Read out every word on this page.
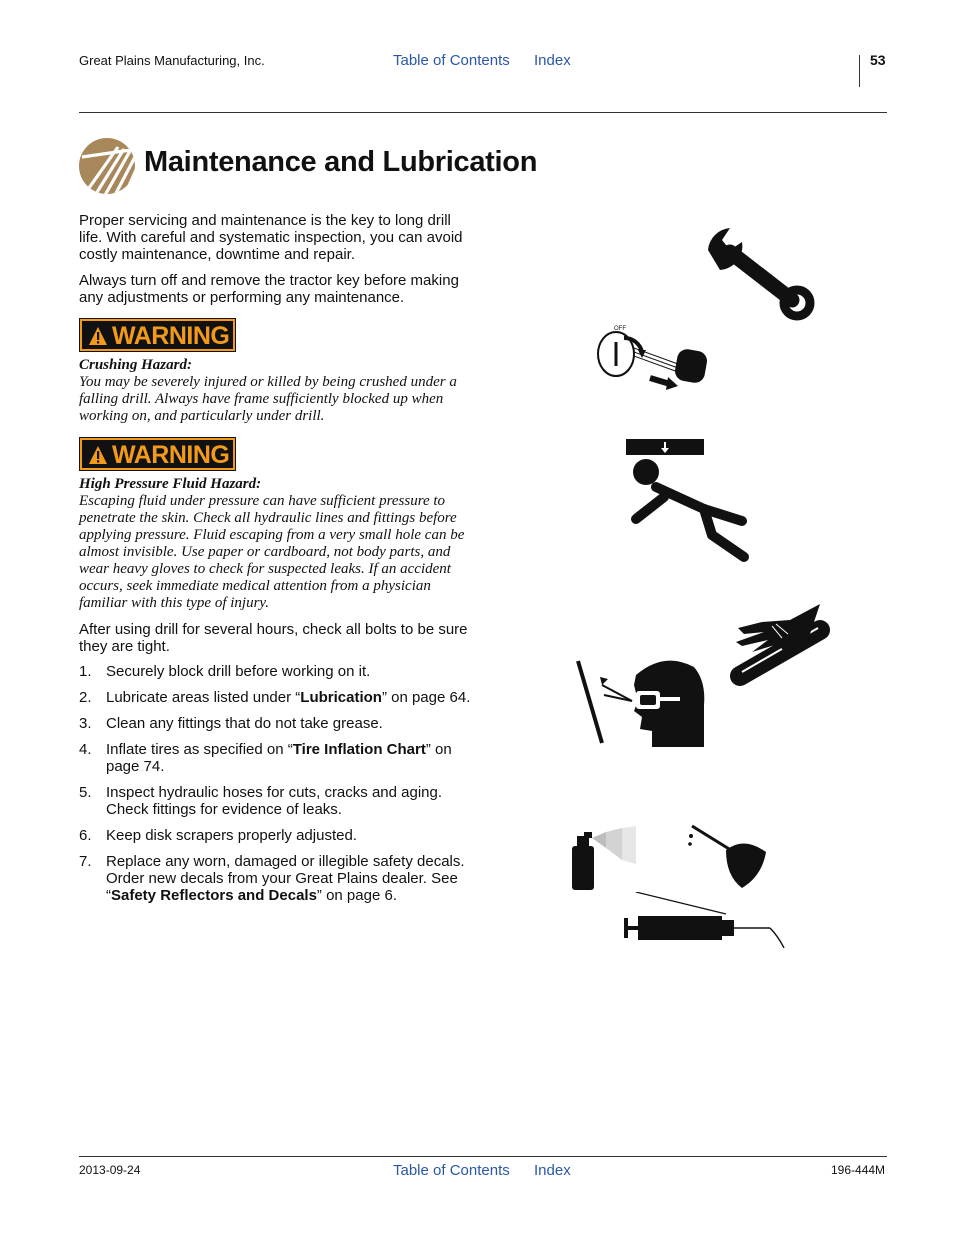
Great Plains Manufacturing, Inc.	Table of Contents Index	53
Maintenance and Lubrication
Proper servicing and maintenance is the key to long drill life. With careful and systematic inspection, you can avoid costly maintenance, downtime and repair.
Always turn off and remove the tractor key before making any adjustments or performing any maintenance.
WARNING
Crushing Hazard:
You may be severely injured or killed by being crushed under a falling drill. Always have frame sufficiently blocked up when working on, and particularly under drill.
WARNING
High Pressure Fluid Hazard:
Escaping fluid under pressure can have sufficient pressure to penetrate the skin. Check all hydraulic lines and fittings before applying pressure. Fluid escaping from a very small hole can be almost invisible. Use paper or cardboard, not body parts, and wear heavy gloves to check for suspected leaks. If an accident occurs, seek immediate medical attention from a physician familiar with this type of injury.
After using drill for several hours, check all bolts to be sure they are tight.
1. Securely block drill before working on it.
2. Lubricate areas listed under “Lubrication” on page 64.
3. Clean any fittings that do not take grease.
4. Inflate tires as specified on “Tire Inflation Chart” on page 74.
5. Inspect hydraulic hoses for cuts, cracks and aging. Check fittings for evidence of leaks.
6. Keep disk scrapers properly adjusted.
7. Replace any worn, damaged or illegible safety decals. Order new decals from your Great Plains dealer. See “Safety Reflectors and Decals” on page 6.
OFF
2013-09-24	Table of Contents Index	196-444M
